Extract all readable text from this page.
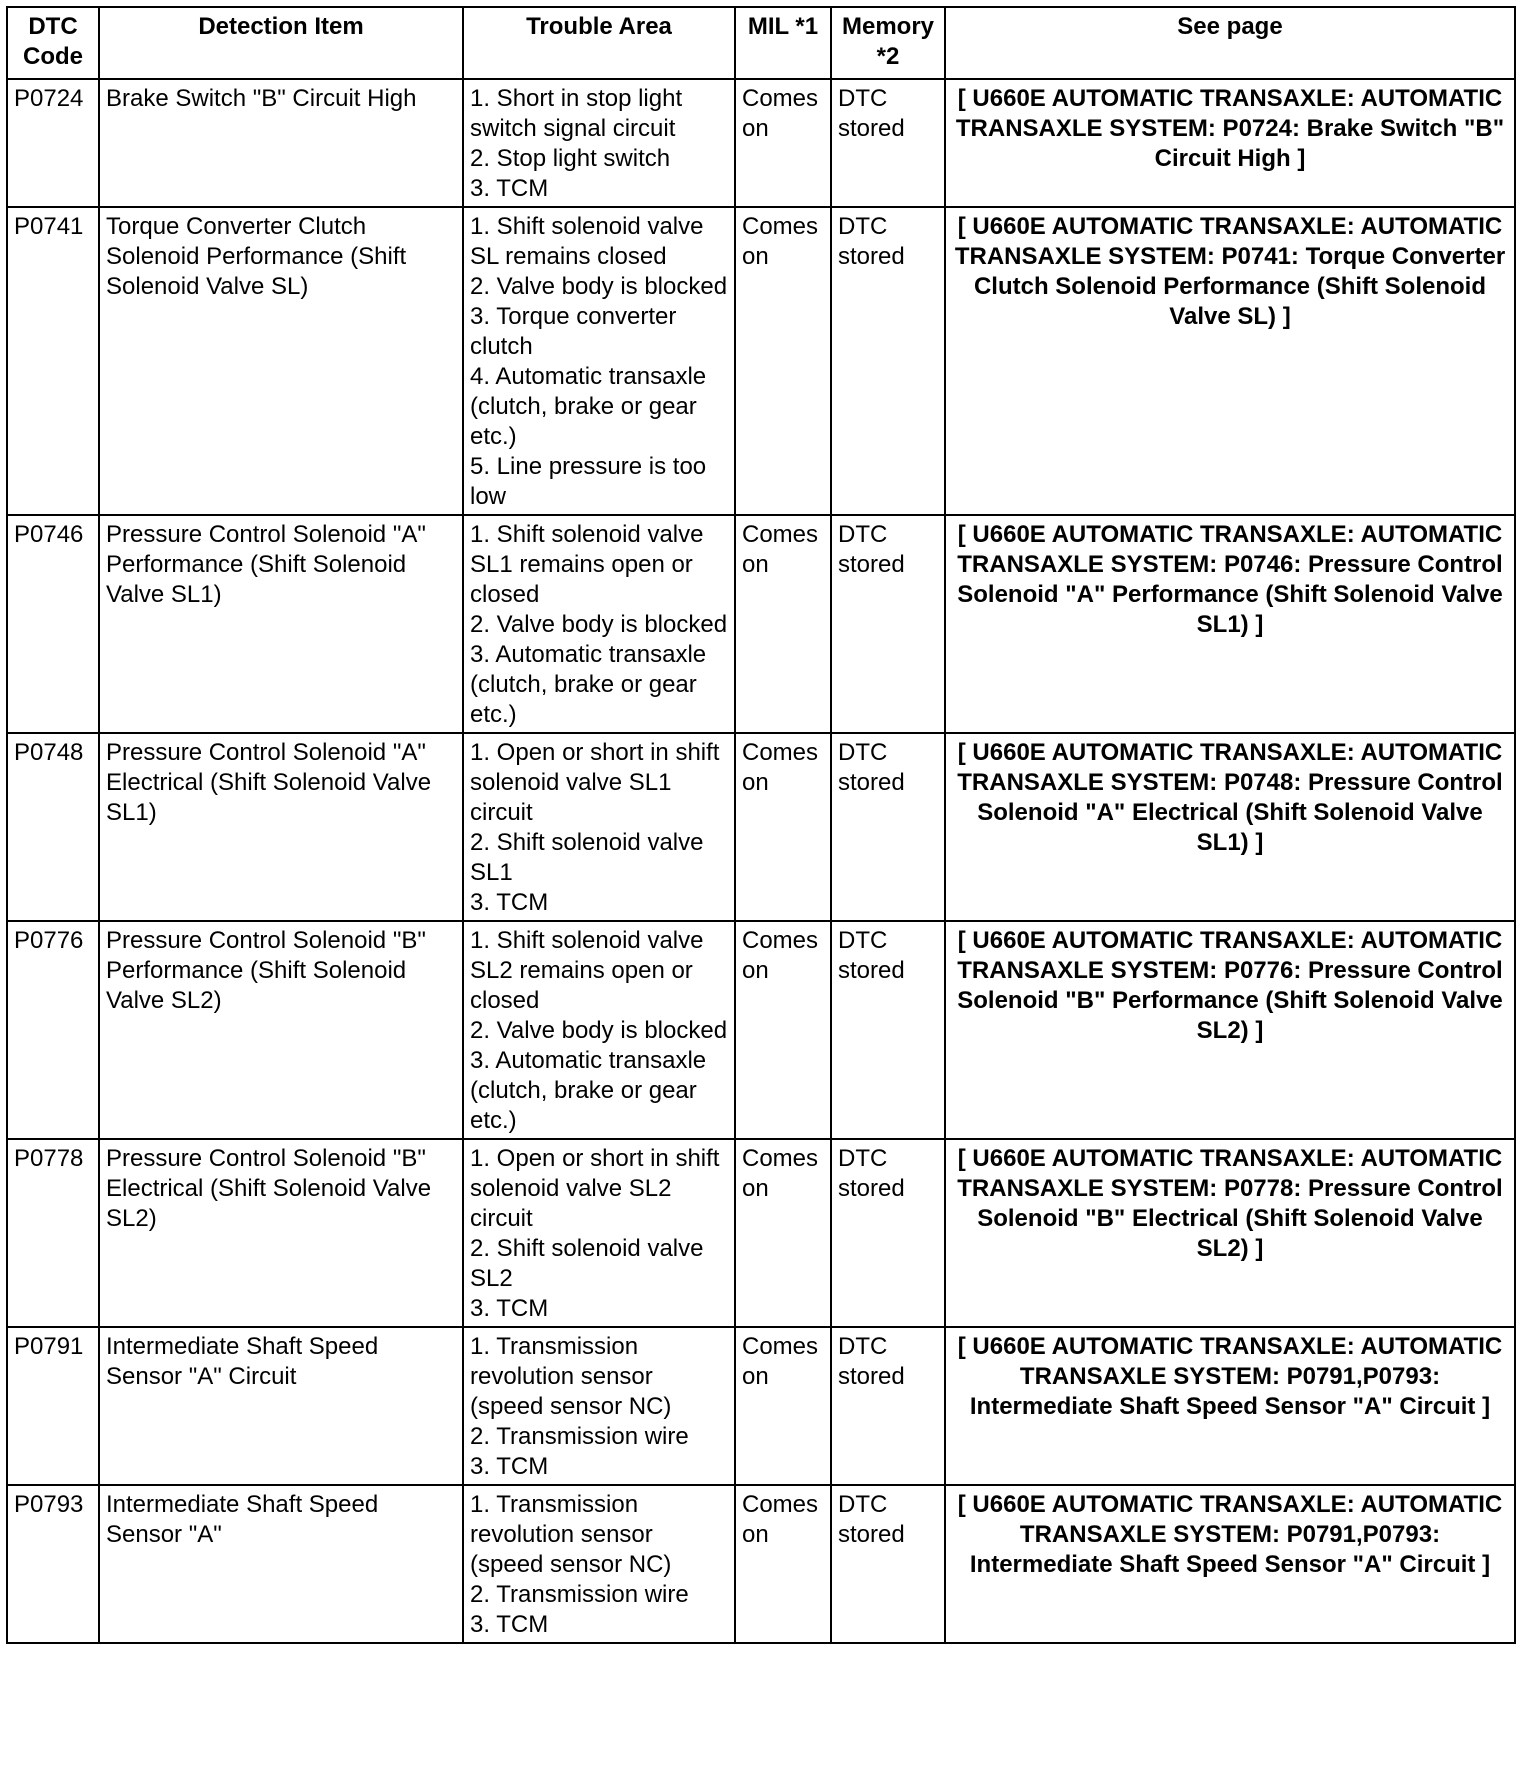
DTC Code	Detection Item	Trouble Area	MIL *1	Memory *2	See page
P0724	Brake Switch "B" Circuit High	1. Short in stop light switch signal circuit
2. Stop light switch
3. TCM	Comes on	DTC stored	[ U660E AUTOMATIC TRANSAXLE: AUTOMATIC TRANSAXLE SYSTEM: P0724: Brake Switch "B" Circuit High ]
P0741	Torque Converter Clutch Solenoid Performance (Shift Solenoid Valve SL)	1. Shift solenoid valve SL remains closed
2. Valve body is blocked
3. Torque converter clutch
4. Automatic transaxle (clutch, brake or gear etc.)
5. Line pressure is too low	Comes on	DTC stored	[ U660E AUTOMATIC TRANSAXLE: AUTOMATIC TRANSAXLE SYSTEM: P0741: Torque Converter Clutch Solenoid Performance (Shift Solenoid Valve SL) ]
P0746	Pressure Control Solenoid "A" Performance (Shift Solenoid Valve SL1)	1. Shift solenoid valve SL1 remains open or closed
2. Valve body is blocked
3. Automatic transaxle (clutch, brake or gear etc.)	Comes on	DTC stored	[ U660E AUTOMATIC TRANSAXLE: AUTOMATIC TRANSAXLE SYSTEM: P0746: Pressure Control Solenoid "A" Performance (Shift Solenoid Valve SL1) ]
P0748	Pressure Control Solenoid "A" Electrical (Shift Solenoid Valve SL1)	1. Open or short in shift solenoid valve SL1 circuit
2. Shift solenoid valve SL1
3. TCM	Comes on	DTC stored	[ U660E AUTOMATIC TRANSAXLE: AUTOMATIC TRANSAXLE SYSTEM: P0748: Pressure Control Solenoid "A" Electrical (Shift Solenoid Valve SL1) ]
P0776	Pressure Control Solenoid "B" Performance (Shift Solenoid Valve SL2)	1. Shift solenoid valve SL2 remains open or closed
2. Valve body is blocked
3. Automatic transaxle (clutch, brake or gear etc.)	Comes on	DTC stored	[ U660E AUTOMATIC TRANSAXLE: AUTOMATIC TRANSAXLE SYSTEM: P0776: Pressure Control Solenoid "B" Performance (Shift Solenoid Valve SL2) ]
P0778	Pressure Control Solenoid "B" Electrical (Shift Solenoid Valve SL2)	1. Open or short in shift solenoid valve SL2 circuit
2. Shift solenoid valve SL2
3. TCM	Comes on	DTC stored	[ U660E AUTOMATIC TRANSAXLE: AUTOMATIC TRANSAXLE SYSTEM: P0778: Pressure Control Solenoid "B" Electrical (Shift Solenoid Valve SL2) ]
P0791	Intermediate Shaft Speed Sensor "A" Circuit	1. Transmission revolution sensor (speed sensor NC)
2. Transmission wire
3. TCM	Comes on	DTC stored	[ U660E AUTOMATIC TRANSAXLE: AUTOMATIC TRANSAXLE SYSTEM: P0791,P0793: Intermediate Shaft Speed Sensor "A" Circuit ]
P0793	Intermediate Shaft Speed Sensor "A"	1. Transmission revolution sensor (speed sensor NC)
2. Transmission wire
3. TCM	Comes on	DTC stored	[ U660E AUTOMATIC TRANSAXLE: AUTOMATIC TRANSAXLE SYSTEM: P0791,P0793: Intermediate Shaft Speed Sensor "A" Circuit ]
